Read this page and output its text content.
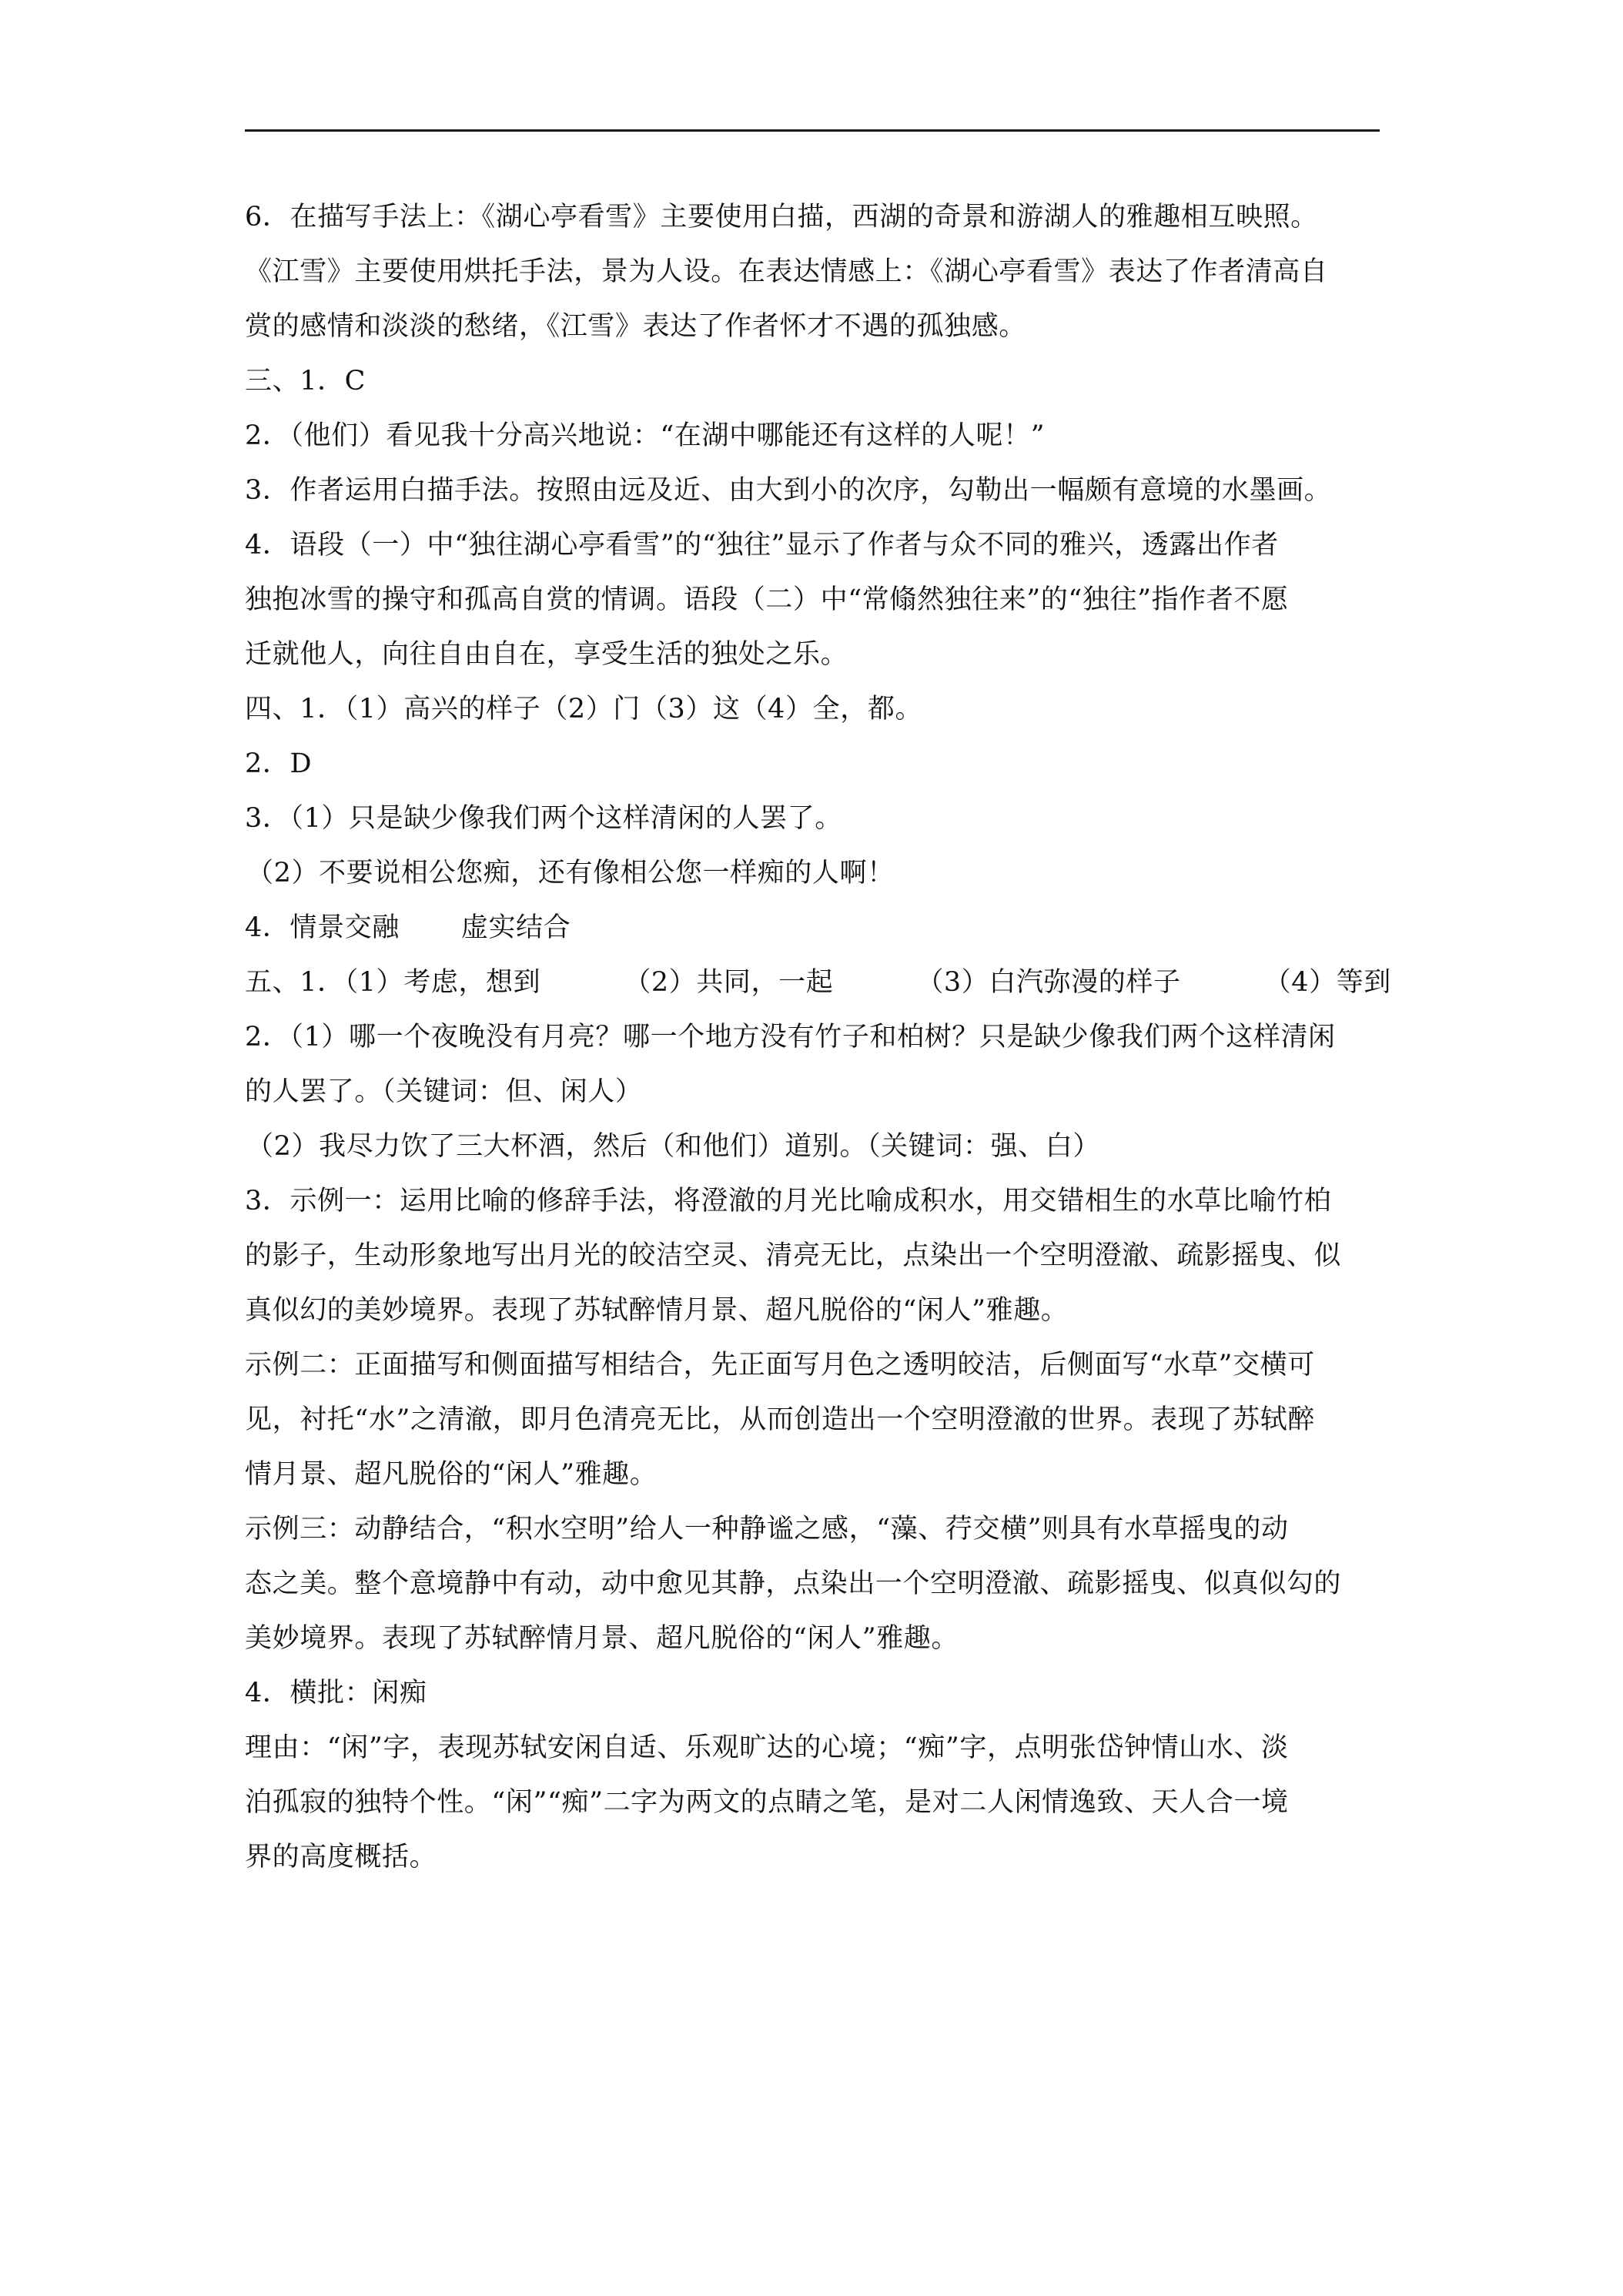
6．在描写手法上：《湖心亭看雪》主要使用白描，西湖的奇景和游湖人的雅趣相互映照。
《江雪》主要使用烘托手法，景为人设。在表达情感上：《湖心亭看雪》表达了作者清高自
赏的感情和淡淡的愁绪，《江雪》表达了作者怀才不遇的孤独感。
三、1．C
2．（他们）看见我十分高兴地说：“在湖中哪能还有这样的人呢！”
3．作者运用白描手法。按照由远及近、由大到小的次序，勾勒出一幅颇有意境的水墨画。
4．语段（一）中“独往湖心亭看雪”的“独往”显示了作者与众不同的雅兴，透露出作者
独抱冰雪的操守和孤高自赏的情调。语段（二）中“常翛然独往来”的“独往”指作者不愿
迁就他人，向往自由自在，享受生活的独处之乐。
四、1．（1）高兴的样子（2）门（3）这（4）全，都。
2．D
3．（1）只是缺少像我们两个这样清闲的人罢了。
（2）不要说相公您痴，还有像相公您一样痴的人啊！
4．情景交融 虚实结合
五、1．（1）考虑，想到	（2）共同，一起	（3）白汽弥漫的样子	（4）等到
2．（1）哪一个夜晚没有月亮？哪一个地方没有竹子和柏树？只是缺少像我们两个这样清闲
的人罢了。（关键词：但、闲人）
（2）我尽力饮了三大杯酒，然后（和他们）道别。（关键词：强、白）
3．示例一：运用比喻的修辞手法，将澄澈的月光比喻成积水，用交错相生的水草比喻竹柏
的影子，生动形象地写出月光的皎洁空灵、清亮无比，点染出一个空明澄澈、疏影摇曳、似
真似幻的美妙境界。表现了苏轼醉情月景、超凡脱俗的“闲人”雅趣。
示例二：正面描写和侧面描写相结合，先正面写月色之透明皎洁，后侧面写“水草”交横可
见，衬托“水”之清澈，即月色清亮无比，从而创造出一个空明澄澈的世界。表现了苏轼醉
情月景、超凡脱俗的“闲人”雅趣。
示例三：动静结合，“积水空明”给人一种静谧之感，“藻、荇交横”则具有水草摇曳的动
态之美。整个意境静中有动，动中愈见其静，点染出一个空明澄澈、疏影摇曳、似真似勾的
美妙境界。表现了苏轼醉情月景、超凡脱俗的“闲人”雅趣。
4．横批：闲痴
理由：“闲”字，表现苏轼安闲自适、乐观旷达的心境；“痴”字，点明张岱钟情山水、淡
泊孤寂的独特个性。“闲”“痴”二字为两文的点睛之笔，是对二人闲情逸致、天人合一境
界的高度概括。
